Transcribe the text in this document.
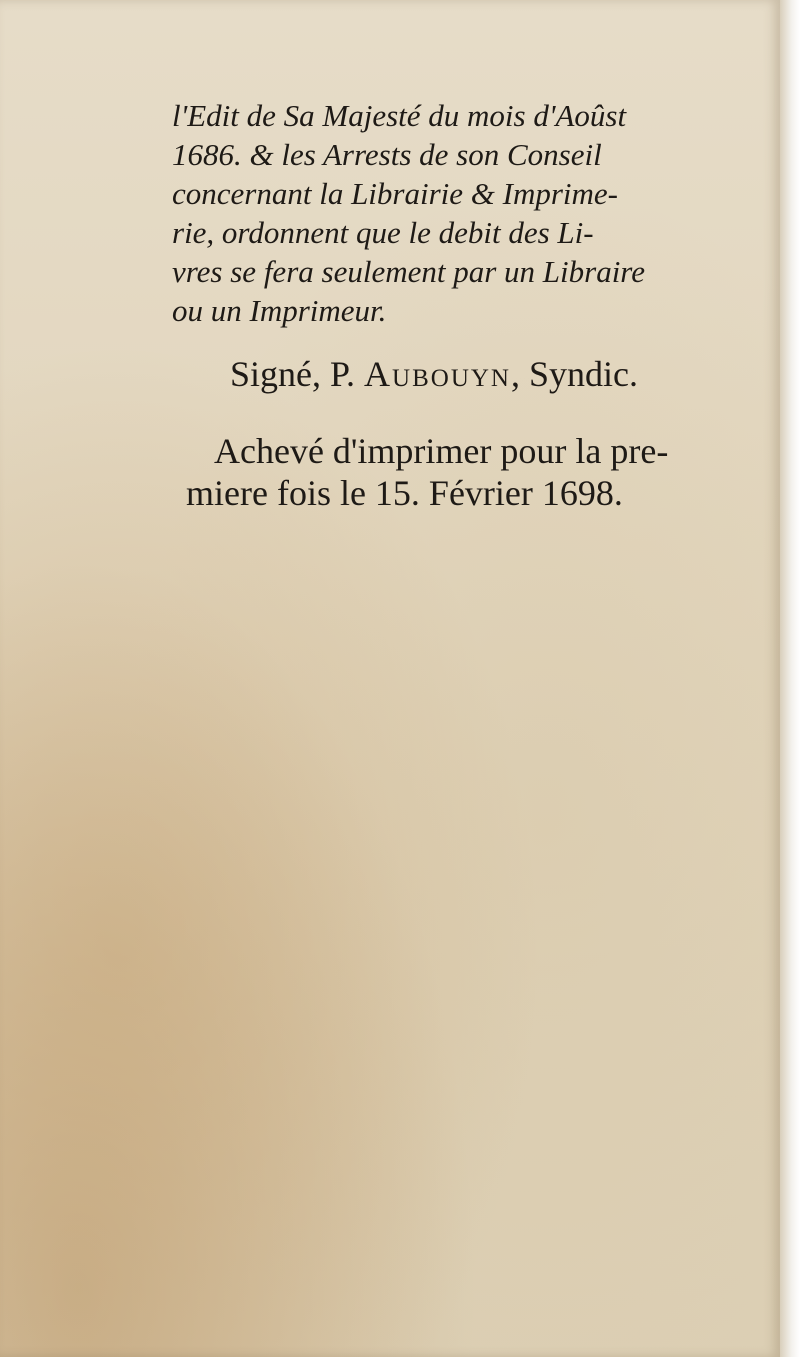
l'Edit de Sa Majesté du mois d'Aoûst
1686. & les Arrests de son Conseil
concernant la Librairie & Imprime-
rie, ordonnent que le debit des Li-
vres se fera seulement par un Libraire
ou un Imprimeur.

Signé, P. Aubouyn, Syndic.
Achevé d'imprimer pour la pre-
miere fois le 15. Février 1698.
